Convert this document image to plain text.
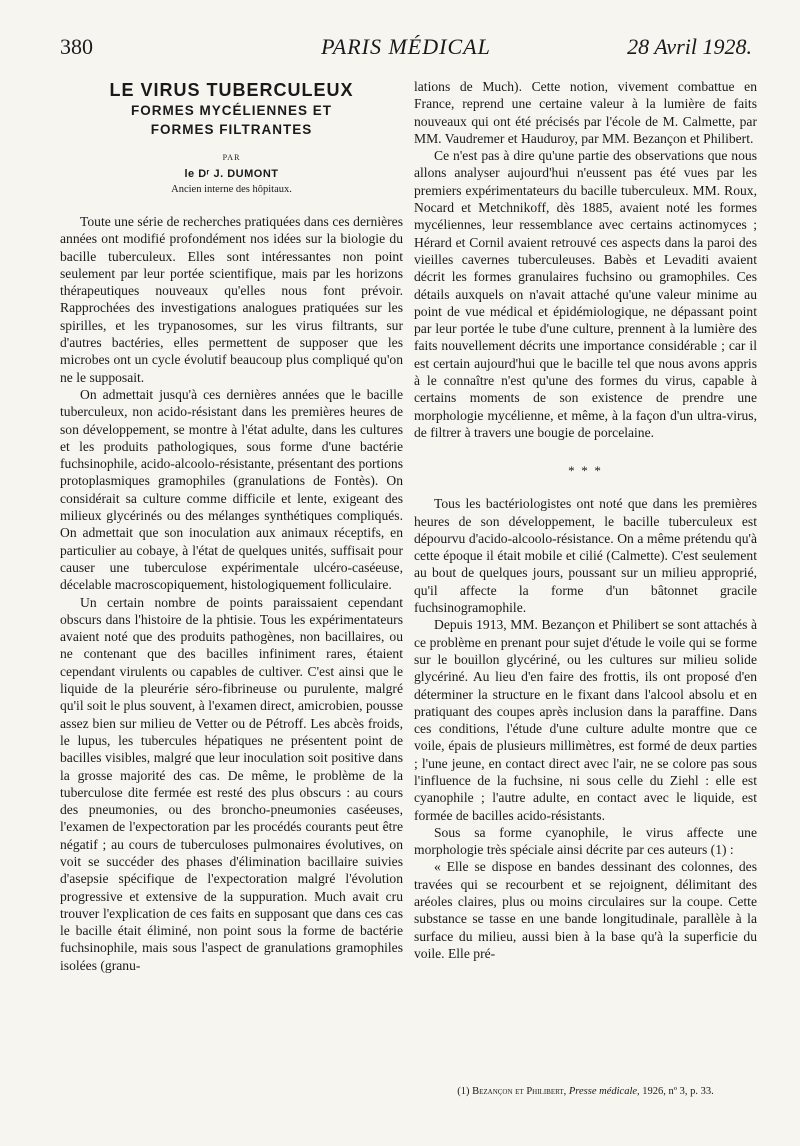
380	PARIS MÉDICAL	28 Avril 1928.
LE VIRUS TUBERCULEUX
FORMES MYCÉLIENNES ET
FORMES FILTRANTES
PAR
le Dʳ J. DUMONT
Ancien interne des hôpitaux.

Toute une série de recherches pratiquées dans ces dernières années ont modifié profondément nos idées sur la biologie du bacille tuberculeux. Elles sont intéressantes non point seulement par leur portée scientifique, mais par les horizons thérapeutiques nouveaux qu'elles nous font prévoir. Rapprochées des investigations analogues pratiquées sur les spirilles, et les trypanosomes, sur les virus filtrants, sur d'autres bactéries, elles permettent de supposer que les microbes ont un cycle évolutif beaucoup plus compliqué qu'on ne le supposait.

On admettait jusqu'à ces dernières années que le bacille tuberculeux, non acido-résistant dans les premières heures de son développement, se montre à l'état adulte, dans les cultures et les produits pathologiques, sous forme d'une bactérie fuchsinophile, acido-alcoolo-résistante, présentant des portions protoplasmiques gramophiles (granulations de Fontès). On considérait sa culture comme difficile et lente, exigeant des milieux glycérinés ou des mélanges synthétiques compliqués. On admettait que son inoculation aux animaux réceptifs, en particulier au cobaye, à l'état de quelques unités, suffisait pour causer une tuberculose expérimentale ulcéro-caséeuse, décelable macroscopiquement, histologiquement folliculaire.

Un certain nombre de points paraissaient cependant obscurs dans l'histoire de la phtisie. Tous les expérimentateurs avaient noté que des produits pathogènes, non bacillaires, ou ne contenant que des bacilles infiniment rares, étaient cependant virulents ou capables de cultiver. C'est ainsi que le liquide de la pleurérie séro-fibrineuse ou purulente, malgré qu'il soit le plus souvent, à l'examen direct, amicrobien, pousse assez bien sur milieu de Vetter ou de Pétroff. Les abcès froids, le lupus, les tubercules hépatiques ne présentent point de bacilles visibles, malgré que leur inoculation soit positive dans la grosse majorité des cas. De même, le problème de la tuberculose dite fermée est resté des plus obscurs : au cours des pneumonies, ou des broncho-pneumonies caséeuses, l'examen de l'expectoration par les procédés courants peut être négatif ; au cours de tuberculoses pulmonaires évolutives, on voit se succéder des phases d'élimination bacillaire suivies d'asepsie spécifique de l'expectoration malgré l'évolution progressive et extensive de la suppuration. Much avait cru trouver l'explication de ces faits en supposant que dans ces cas le bacille était éliminé, non point sous la forme de bactérie fuchsinophile, mais sous l'aspect de granulations gramophiles isolées (granu-

lations de Much). Cette notion, vivement combattue en France, reprend une certaine valeur à la lumière de faits nouveaux qui ont été précisés par l'école de M. Calmette, par MM. Vaudremer et Hauduroy, par MM. Bezançon et Philibert.

Ce n'est pas à dire qu'une partie des observations que nous allons analyser aujourd'hui n'eussent pas été vues par les premiers expérimentateurs du bacille tuberculeux. MM. Roux, Nocard et Metchnikoff, dès 1885, avaient noté les formes mycéliennes, leur ressemblance avec certains actinomyces ; Hérard et Cornil avaient retrouvé ces aspects dans la paroi des vieilles cavernes tuberculeuses. Babès et Levaditi avaient décrit les formes granulaires fuchsino ou gramophiles. Ces détails auxquels on n'avait attaché qu'une valeur minime au point de vue médical et épidémiologique, ne dépassant point par leur portée le tube d'une culture, prennent à la lumière des faits nouvellement décrits une importance considérable ; car il est certain aujourd'hui que le bacille tel que nous avons appris à le connaître n'est qu'une des formes du virus, capable à certains moments de son existence de prendre une morphologie mycélienne, et même, à la façon d'un ultra-virus, de filtrer à travers une bougie de porcelaine.

* * *

Tous les bactériologistes ont noté que dans les premières heures de son développement, le bacille tuberculeux est dépourvu d'acido-alcoolo-résistance. On a même prétendu qu'à cette époque il était mobile et cilié (Calmette). C'est seulement au bout de quelques jours, poussant sur un milieu approprié, qu'il affecte la forme d'un bâtonnet gracile fuchsinogramophile.

Depuis 1913, MM. Bezançon et Philibert se sont attachés à ce problème en prenant pour sujet d'étude le voile qui se forme sur le bouillon glycériné, ou les cultures sur milieu solide glycériné. Au lieu d'en faire des frottis, ils ont proposé d'en déterminer la structure en le fixant dans l'alcool absolu et en pratiquant des coupes après inclusion dans la paraffine. Dans ces conditions, l'étude d'une culture adulte montre que ce voile, épais de plusieurs millimètres, est formé de deux parties ; l'une jeune, en contact direct avec l'air, ne se colore pas sous l'influence de la fuchsine, ni sous celle du Ziehl : elle est cyanophile ; l'autre adulte, en contact avec le liquide, est formée de bacilles acido-résistants.

Sous sa forme cyanophile, le virus affecte une morphologie très spéciale ainsi décrite par ces auteurs (1) :

« Elle se dispose en bandes dessinant des colonnes, des travées qui se recourbent et se rejoignent, délimitant des aréoles claires, plus ou moins circulaires sur la coupe. Cette substance se tasse en une bande longitudinale, parallèle à la surface du milieu, aussi bien à la base qu'à la superficie du voile. Elle pré-

(1) Bezançon et Philibert, Presse médicale, 1926, nº 3, p. 33.
